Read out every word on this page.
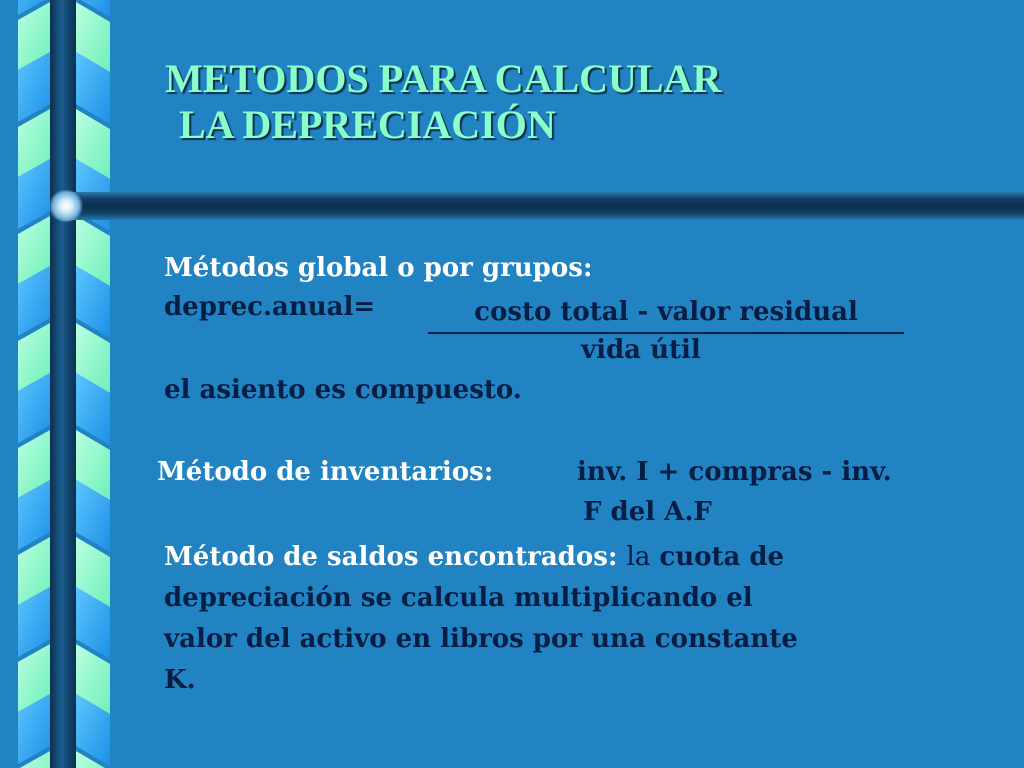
METODOS PARA CALCULAR
LA DEPRECIACIÓN
Métodos global o por grupos:
deprec.anual=	costo total - valor residual
vida útil
el asiento es compuesto.
Método de inventarios:	inv. I + compras - inv.
F del A.F
Método de saldos encontrados: la cuota de
depreciación se calcula multiplicando el
valor del activo en libros por una constante
K.
